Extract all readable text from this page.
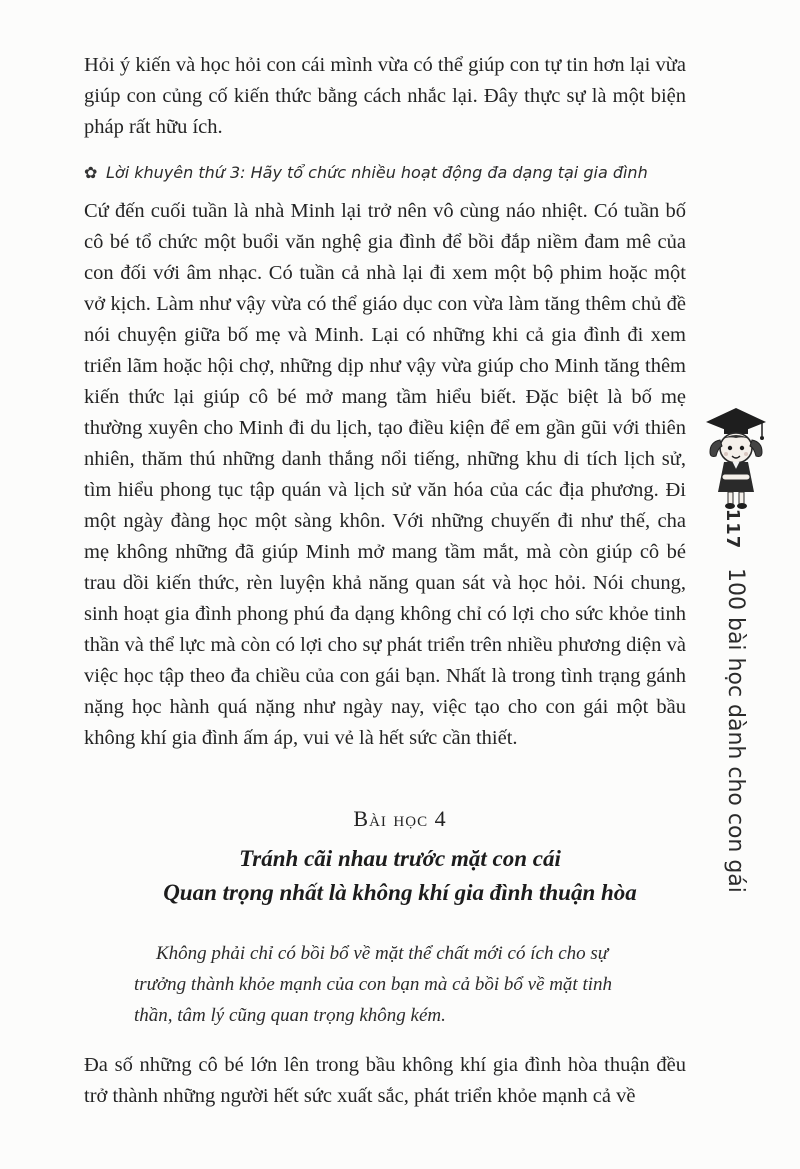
Hỏi ý kiến và học hỏi con cái mình vừa có thể giúp con tự tin hơn lại vừa giúp con củng cố kiến thức bằng cách nhắc lại. Đây thực sự là một biện pháp rất hữu ích.

✿ Lời khuyên thứ 3: Hãy tổ chức nhiều hoạt động đa dạng tại gia đình

Cứ đến cuối tuần là nhà Minh lại trở nên vô cùng náo nhiệt. Có tuần bố cô bé tổ chức một buổi văn nghệ gia đình để bồi đắp niềm đam mê của con đối với âm nhạc. Có tuần cả nhà lại đi xem một bộ phim hoặc một vở kịch. Làm như vậy vừa có thể giáo dục con vừa làm tăng thêm chủ đề nói chuyện giữa bố mẹ và Minh. Lại có những khi cả gia đình đi xem triển lãm hoặc hội chợ, những dịp như vậy vừa giúp cho Minh tăng thêm kiến thức lại giúp cô bé mở mang tầm hiểu biết. Đặc biệt là bố mẹ thường xuyên cho Minh đi du lịch, tạo điều kiện để em gần gũi với thiên nhiên, thăm thú những danh thắng nổi tiếng, những khu di tích lịch sử, tìm hiểu phong tục tập quán và lịch sử văn hóa của các địa phương. Đi một ngày đàng học một sàng khôn. Với những chuyến đi như thế, cha mẹ không những đã giúp Minh mở mang tầm mắt, mà còn giúp cô bé trau dồi kiến thức, rèn luyện khả năng quan sát và học hỏi. Nói chung, sinh hoạt gia đình phong phú đa dạng không chỉ có lợi cho sức khỏe tinh thần và thể lực mà còn có lợi cho sự phát triển trên nhiều phương diện và việc học tập theo đa chiều của con gái bạn. Nhất là trong tình trạng gánh nặng học hành quá nặng như ngày nay, việc tạo cho con gái một bầu không khí gia đình ấm áp, vui vẻ là hết sức cần thiết.

Bài học 4
Tránh cãi nhau trước mặt con cái
Quan trọng nhất là không khí gia đình thuận hòa

Không phải chỉ có bồi bổ về mặt thể chất mới có ích cho sự trưởng thành khỏe mạnh của con bạn mà cả bồi bổ về mặt tinh thần, tâm lý cũng quan trọng không kém.

Đa số những cô bé lớn lên trong bầu không khí gia đình hòa thuận đều trở thành những người hết sức xuất sắc, phát triển khỏe mạnh cả về

117
100 bài học dành cho con gái
